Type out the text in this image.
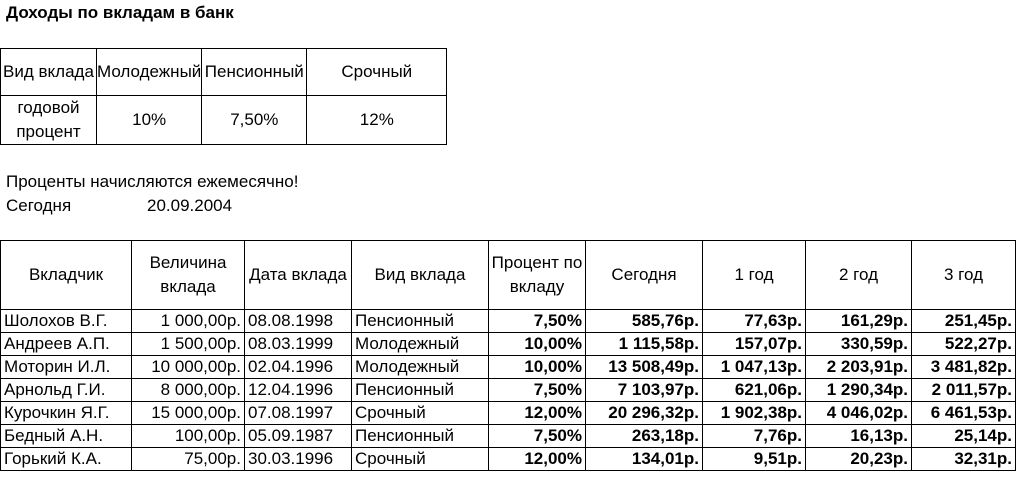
Доходы по вкладам в банк
Вид вклада	Молодежный	Пенсионный	Срочный
годовой процент	10%	7,50%	12%
Проценты начисляются ежемесячно!
Сегодня	20.09.2004
Вкладчик	Величина вклада	Дата вклада	Вид вклада	Процент по вкладу	Сегодня	1 год	2 год	3 год
Шолохов В.Г.	1 000,00р.	08.08.1998	Пенсионный	7,50%	585,76р.	77,63р.	161,29р.	251,45р.
Андреев А.П.	1 500,00р.	08.03.1999	Молодежный	10,00%	1 115,58р.	157,07р.	330,59р.	522,27р.
Моторин И.Л.	10 000,00р.	02.04.1996	Молодежный	10,00%	13 508,49р.	1 047,13р.	2 203,91р.	3 481,82р.
Арнольд Г.И.	8 000,00р.	12.04.1996	Пенсионный	7,50%	7 103,97р.	621,06р.	1 290,34р.	2 011,57р.
Курочкин Я.Г.	15 000,00р.	07.08.1997	Срочный	12,00%	20 296,32р.	1 902,38р.	4 046,02р.	6 461,53р.
Бедный А.Н.	100,00р.	05.09.1987	Пенсионный	7,50%	263,18р.	7,76р.	16,13р.	25,14р.
Горький К.А.	75,00р.	30.03.1996	Срочный	12,00%	134,01р.	9,51р.	20,23р.	32,31р.
